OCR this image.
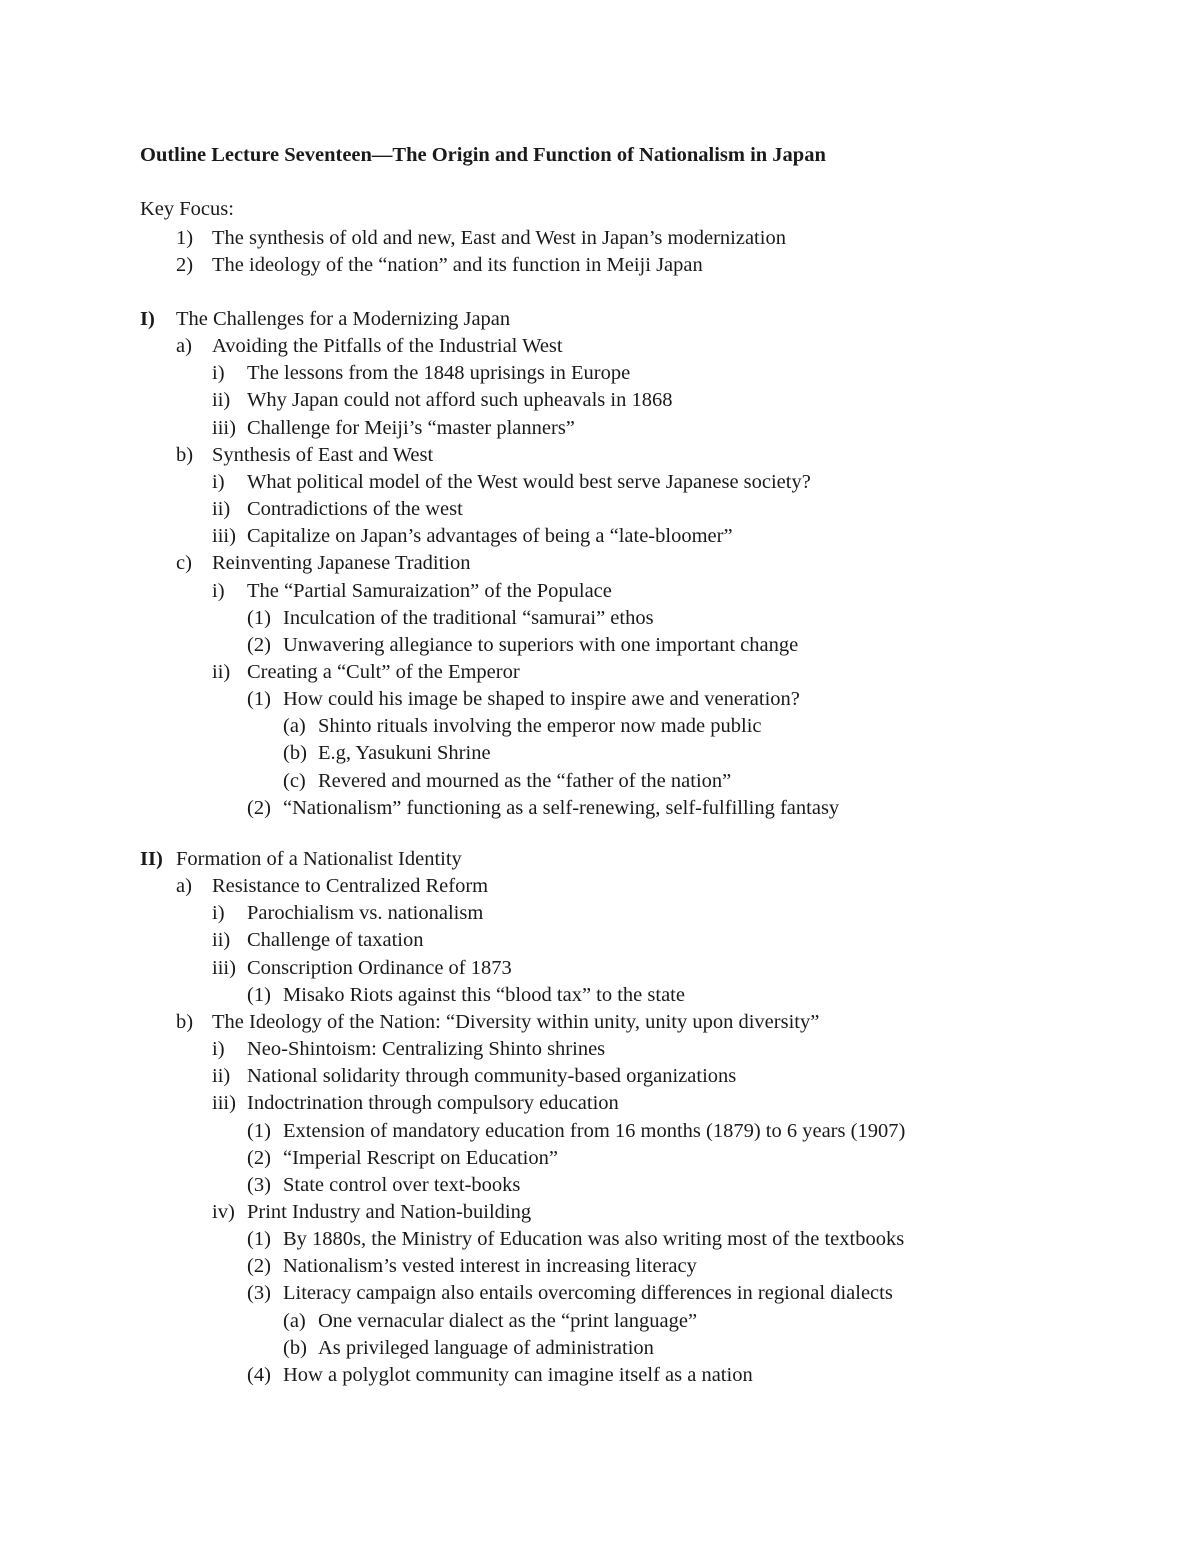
Outline Lecture Seventeen—The Origin and Function of Nationalism in Japan
Key Focus:
1) The synthesis of old and new, East and West in Japan’s modernization
2) The ideology of the “nation” and its function in Meiji Japan
I) The Challenges for a Modernizing Japan
a) Avoiding the Pitfalls of the Industrial West
i) The lessons from the 1848 uprisings in Europe
ii) Why Japan could not afford such upheavals in 1868
iii) Challenge for Meiji’s “master planners”
b) Synthesis of East and West
i) What political model of the West would best serve Japanese society?
ii) Contradictions of the west
iii) Capitalize on Japan’s advantages of being a “late-bloomer”
c) Reinventing Japanese Tradition
i) The “Partial Samuraization” of the Populace
(1) Inculcation of the traditional “samurai” ethos
(2) Unwavering allegiance to superiors with one important change
ii) Creating a “Cult” of the Emperor
(1) How could his image be shaped to inspire awe and veneration?
(a) Shinto rituals involving the emperor now made public
(b) E.g, Yasukuni Shrine
(c) Revered and mourned as the “father of the nation”
(2) “Nationalism” functioning as a self-renewing, self-fulfilling fantasy
II) Formation of a Nationalist Identity
a) Resistance to Centralized Reform
i) Parochialism vs. nationalism
ii) Challenge of taxation
iii) Conscription Ordinance of 1873
(1) Misako Riots against this “blood tax” to the state
b) The Ideology of the Nation: “Diversity within unity, unity upon diversity”
i) Neo-Shintoism: Centralizing Shinto shrines
ii) National solidarity through community-based organizations
iii) Indoctrination through compulsory education
(1) Extension of mandatory education from 16 months (1879) to 6 years (1907)
(2) “Imperial Rescript on Education”
(3) State control over text-books
iv) Print Industry and Nation-building
(1) By 1880s, the Ministry of Education was also writing most of the textbooks
(2) Nationalism’s vested interest in increasing literacy
(3) Literacy campaign also entails overcoming differences in regional dialects
(a) One vernacular dialect as the “print language”
(b) As privileged language of administration
(4) How a polyglot community can imagine itself as a nation
